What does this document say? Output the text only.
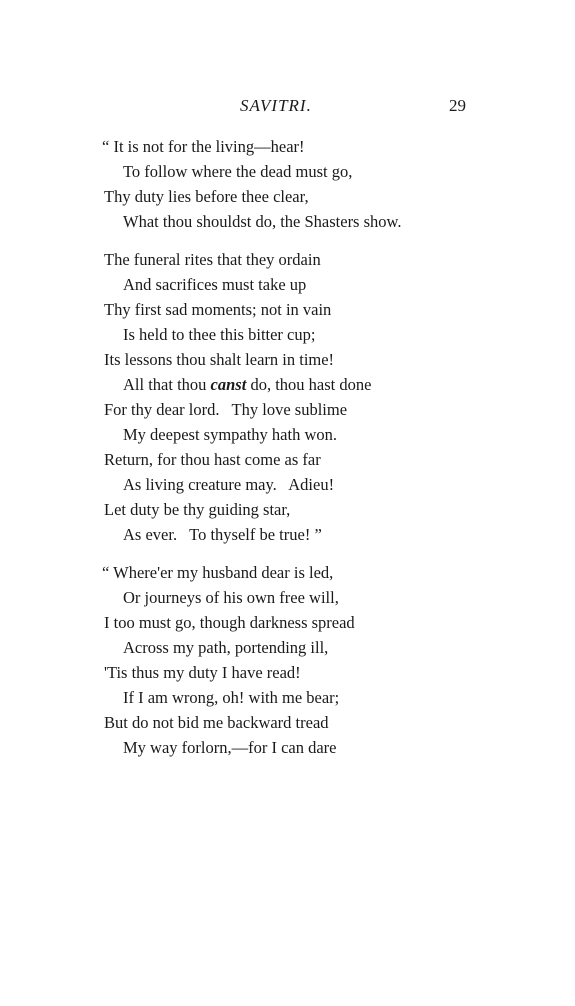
SAVITRI.	29
“ It is not for the living—hear!
To follow where the dead must go,
Thy duty lies before thee clear,
What thou shouldst do, the Shasters show.
The funeral rites that they ordain
And sacrifices must take up
Thy first sad moments; not in vain
Is held to thee this bitter cup;
Its lessons thou shalt learn in time!
All that thou canst do, thou hast done
For thy dear lord.   Thy love sublime
My deepest sympathy hath won.
Return, for thou hast come as far
As living creature may.   Adieu!
Let duty be thy guiding star,
As ever.   To thyself be true! ”
“ Where'er my husband dear is led,
Or journeys of his own free will,
I too must go, though darkness spread
Across my path, portending ill,
'Tis thus my duty I have read!
If I am wrong, oh! with me bear;
But do not bid me backward tread
My way forlorn,—for I can dare
